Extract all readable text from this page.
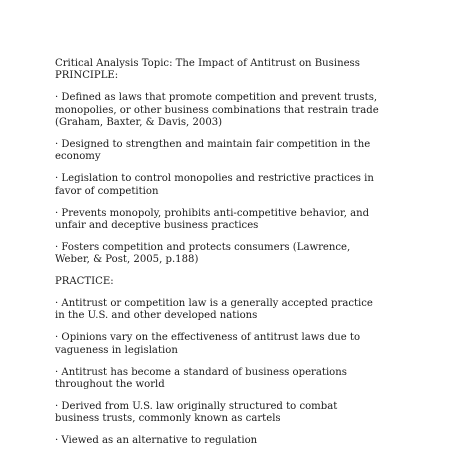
Critical Analysis Topic: The Impact of Antitrust on Business
PRINCIPLE:
· Defined as laws that promote competition and prevent trusts,
monopolies, or other business combinations that restrain trade
(Graham, Baxter, & Davis, 2003)
· Designed to strengthen and maintain fair competition in the
economy
· Legislation to control monopolies and restrictive practices in
favor of competition
· Prevents monopoly, prohibits anti-competitive behavior, and
unfair and deceptive business practices
· Fosters competition and protects consumers (Lawrence,
Weber, & Post, 2005, p.188)
PRACTICE:
· Antitrust or competition law is a generally accepted practice
in the U.S. and other developed nations
· Opinions vary on the effectiveness of antitrust laws due to
vagueness in legislation
· Antitrust has become a standard of business operations
throughout the world
· Derived from U.S. law originally structured to combat
business trusts, commonly known as cartels
· Viewed as an alternative to regulation
